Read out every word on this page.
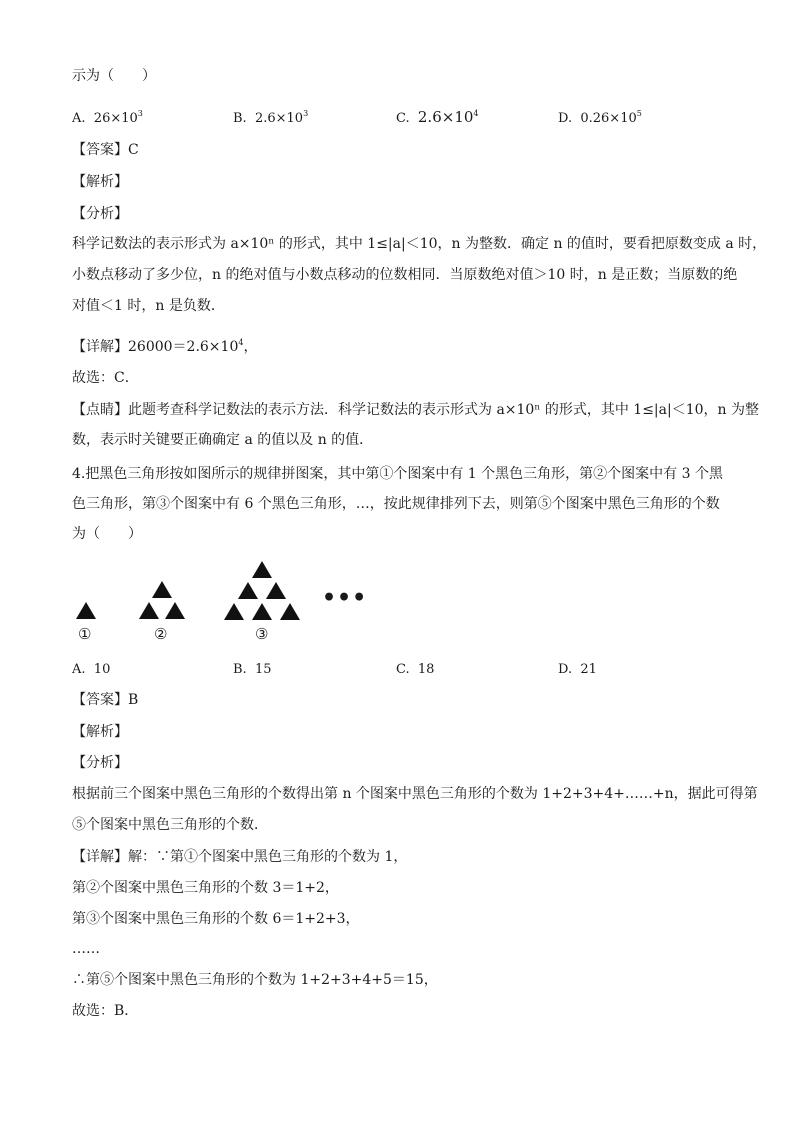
示为（　　）
A. $26\times 10^3$	B. $2.6\times 10^3$	C. $2.6\times 10^4$	D. $0.26\times 10^5$
【答案】C
【解析】
【分析】
科学记数法的表示形式为 a×10ⁿ 的形式，其中 1≤|a|＜10，n 为整数．确定 n 的值时，要看把原数变成 a 时，
小数点移动了多少位，n 的绝对值与小数点移动的位数相同．当原数绝对值＞10 时，n 是正数；当原数的绝
对值＜1 时，n 是负数．
【详解】$26000=2.6\times 10^4$，
故选：C．
【点睛】此题考查科学记数法的表示方法．科学记数法的表示形式为 a×10ⁿ 的形式，其中 1≤|a|＜10，n 为整
数，表示时关键要正确确定 a 的值以及 n 的值．
4.把黑色三角形按如图所示的规律拼图案，其中第①个图案中有 1 个黑色三角形，第②个图案中有 3 个黑
色三角形，第③个图案中有 6 个黑色三角形，…，按此规律排列下去，则第⑤个图案中黑色三角形的个数
为（　　）
•••
①	②	③
A. 10	B. 15	C. 18	D. 21
【答案】B
【解析】
【分析】
根据前三个图案中黑色三角形的个数得出第 n 个图案中黑色三角形的个数为 1+2+3+4+……+n，据此可得第
⑤个图案中黑色三角形的个数．
【详解】解：∵第①个图案中黑色三角形的个数为 1，
第②个图案中黑色三角形的个数 3＝1+2，
第③个图案中黑色三角形的个数 6＝1+2+3，
……
∴第⑤个图案中黑色三角形的个数为 1+2+3+4+5＝15，
故选：B．
